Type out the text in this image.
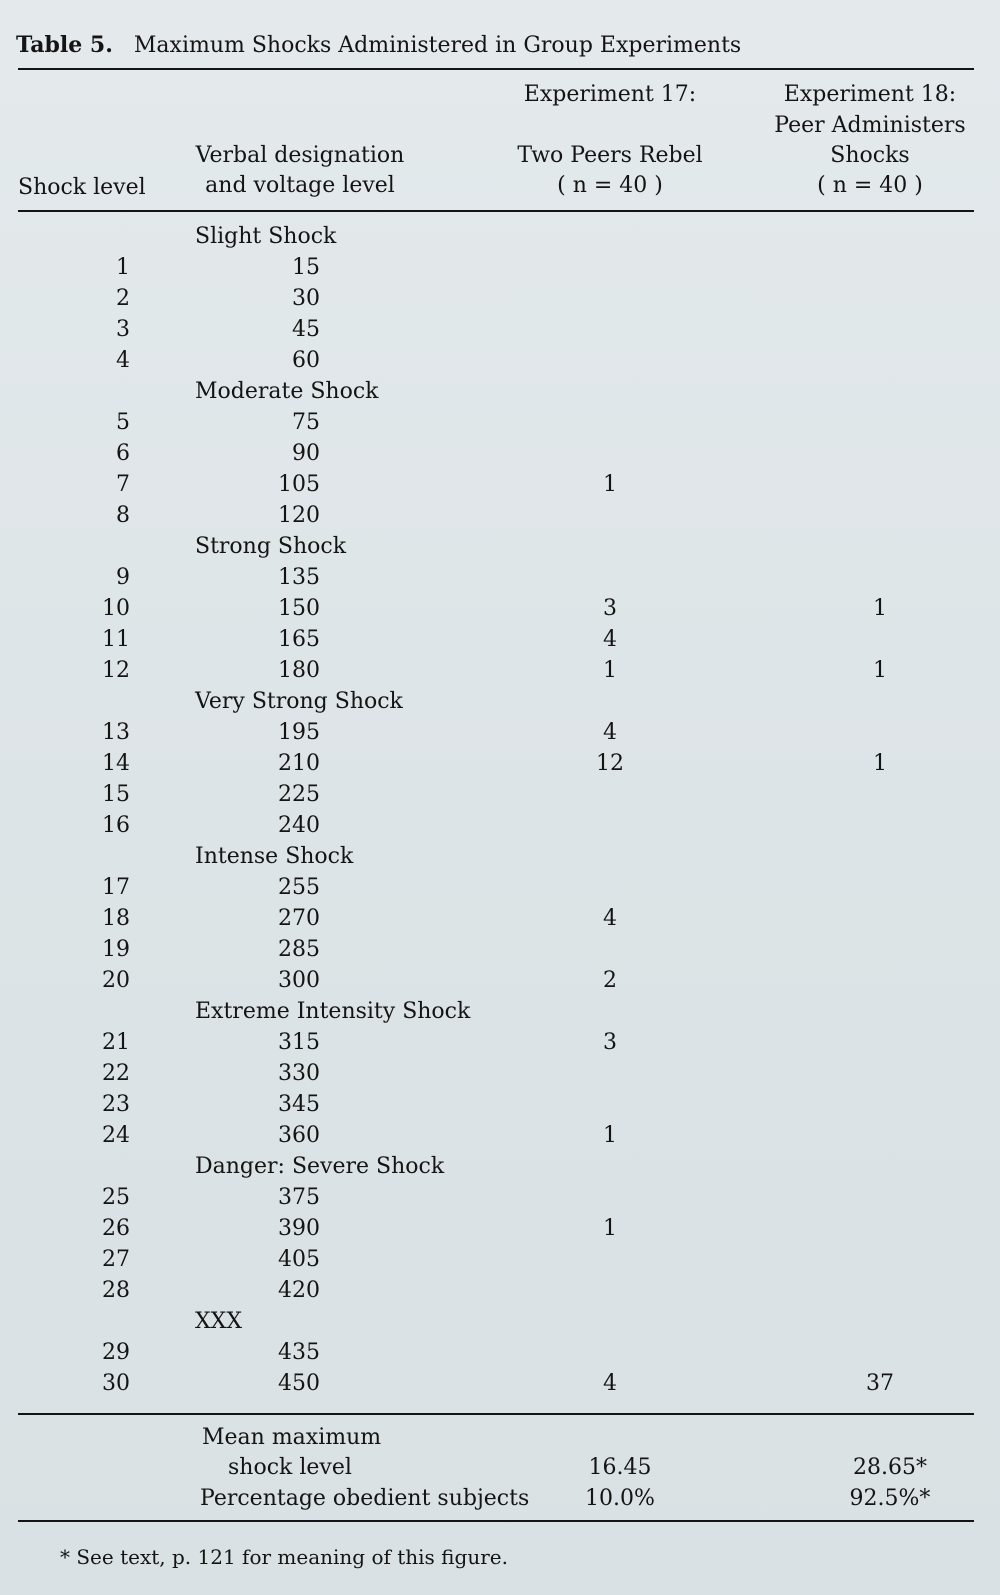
Table 5. Maximum Shocks Administered in Group Experiments
Shock level
Verbal designation
and voltage level
Experiment 17:
Two Peers Rebel
( n = 40 )
Experiment 18:
Peer Administers
Shocks
( n = 40 )
Slight Shock
1	15
2	30
3	45
4	60
Moderate Shock
5	75
6	90
7	105	1
8	120
Strong Shock
9	135
10	150	3	1
11	165	4
12	180	1	1
Very Strong Shock
13	195	4
14	210	12	1
15	225
16	240
Intense Shock
17	255
18	270	4
19	285
20	300	2
Extreme Intensity Shock
21	315	3
22	330
23	345
24	360	1
Danger: Severe Shock
25	375
26	390	1
27	405
28	420
XXX
29	435
30	450	4	37
Mean maximum
shock level	16.45	28.65*
Percentage obedient subjects	10.0%	92.5%*
* See text, p. 121 for meaning of this figure.
